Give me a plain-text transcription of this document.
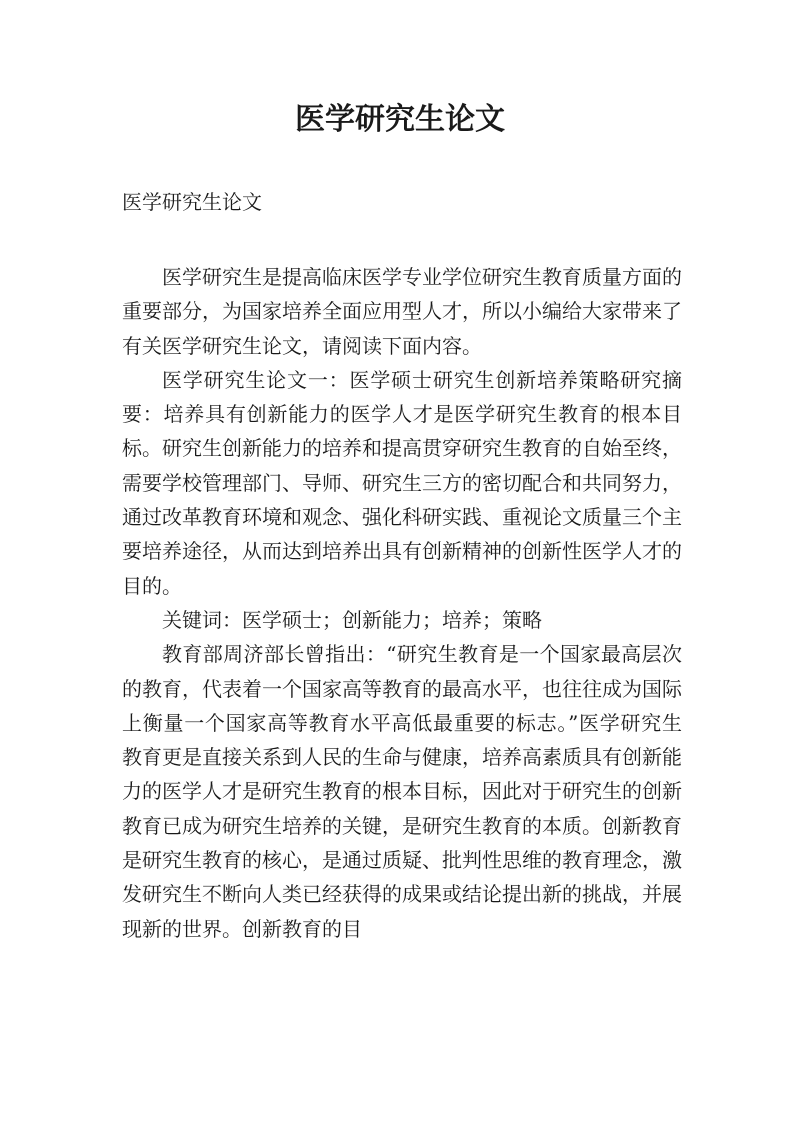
医学研究生论文
医学研究生论文

医学研究生是提高临床医学专业学位研究生教育质量方面的重要部分，为国家培养全面应用型人才，所以小编给大家带来了有关医学研究生论文，请阅读下面内容。

医学研究生论文一：医学硕士研究生创新培养策略研究摘要：培养具有创新能力的医学人才是医学研究生教育的根本目标。研究生创新能力的培养和提高贯穿研究生教育的自始至终，需要学校管理部门、导师、研究生三方的密切配合和共同努力，通过改革教育环境和观念、强化科研实践、重视论文质量三个主要培养途径，从而达到培养出具有创新精神的创新性医学人才的目的。

关键词：医学硕士；创新能力；培养；策略

教育部周济部长曾指出：“研究生教育是一个国家最高层次的教育，代表着一个国家高等教育的最高水平，也往往成为国际上衡量一个国家高等教育水平高低最重要的标志。”医学研究生教育更是直接关系到人民的生命与健康，培养高素质具有创新能力的医学人才是研究生教育的根本目标，因此对于研究生的创新教育已成为研究生培养的关键，是研究生教育的本质。创新教育是研究生教育的核心，是通过质疑、批判性思维的教育理念，激发研究生不断向人类已经获得的成果或结论提出新的挑战，并展现新的世界。创新教育的目
